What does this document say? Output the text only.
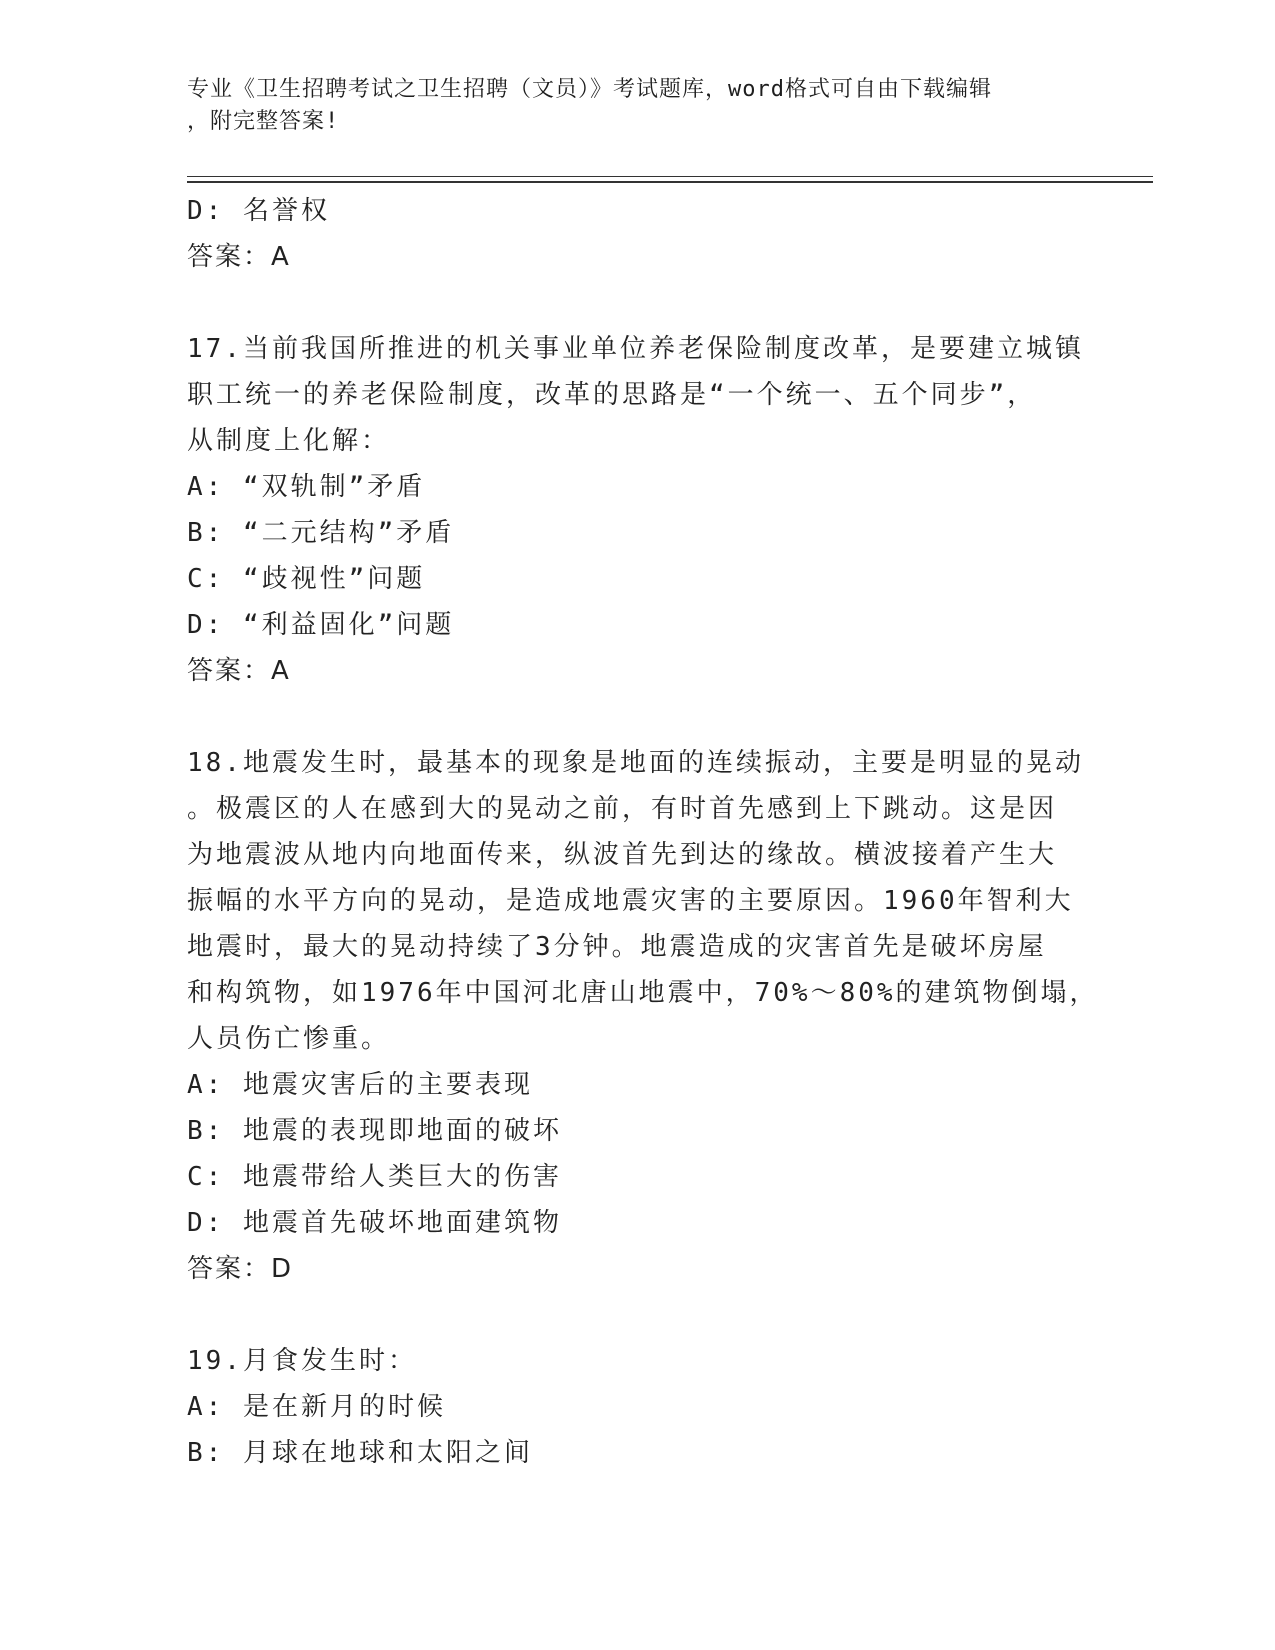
专业《卫生招聘考试之卫生招聘（文员）》考试题库，word格式可自由下载编辑
，附完整答案!
D: 名誉权
答案：A
17.当前我国所推进的机关事业单位养老保险制度改革，是要建立城镇
职工统一的养老保险制度，改革的思路是“一个统一、五个同步”，
从制度上化解：
A: “双轨制”矛盾
B: “二元结构”矛盾
C: “歧视性”问题
D: “利益固化”问题
答案：A
18.地震发生时，最基本的现象是地面的连续振动，主要是明显的晃动
。极震区的人在感到大的晃动之前，有时首先感到上下跳动。这是因
为地震波从地内向地面传来，纵波首先到达的缘故。横波接着产生大
振幅的水平方向的晃动，是造成地震灾害的主要原因。1960年智利大
地震时，最大的晃动持续了3分钟。地震造成的灾害首先是破坏房屋
和构筑物，如1976年中国河北唐山地震中，70%～80%的建筑物倒塌，
人员伤亡惨重。
A: 地震灾害后的主要表现
B: 地震的表现即地面的破坏
C: 地震带给人类巨大的伤害
D: 地震首先破坏地面建筑物
答案：D
19.月食发生时：
A: 是在新月的时候
B: 月球在地球和太阳之间
